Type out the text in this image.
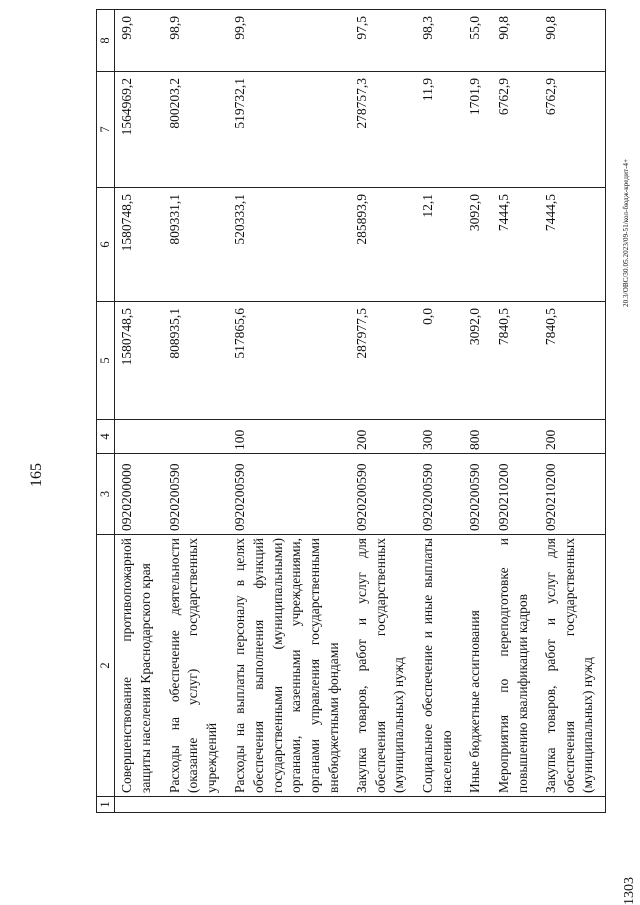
165
1	2	3	4	5	6	7	8
	Совершенствование противопожарной защиты населения Краснодарского края	0920200000		1580748,5	1580748,5	1564969,2	99,0
	Расходы на обеспечение деятельности (оказание услуг) государственных учреждений	0920200590		808935,1	809331,1	800203,2	98,9
	Расходы на выплаты персоналу в целях обеспечения выполнения функций государственными (муниципальными) органами, казенными учреждениями, органами управления государственными внебюджетными фондами	0920200590	100	517865,6	520333,1	519732,1	99,9
	Закупка товаров, работ и услуг для обеспечения государственных (муниципальных) нужд	0920200590	200	287977,5	285893,9	278757,3	97,5
	Социальное обеспечение и иные выплаты населению	0920200590	300	0,0	12,1	11,9	98,3
	Иные бюджетные ассигнования	0920200590	800	3092,0	3092,0	1701,9	55,0
	Мероприятия по переподготовке и повышению квалификации кадров	0920210200		7840,5	7444,5	6762,9	90,8
	Закупка товаров, работ и услуг для обеспечения государственных (муниципальных) нужд	0920210200	200	7840,5	7444,5	6762,9	90,8
1303
20.3/ОВС/30.05.2023/09-51/кол-бюдж-кредит-4+
